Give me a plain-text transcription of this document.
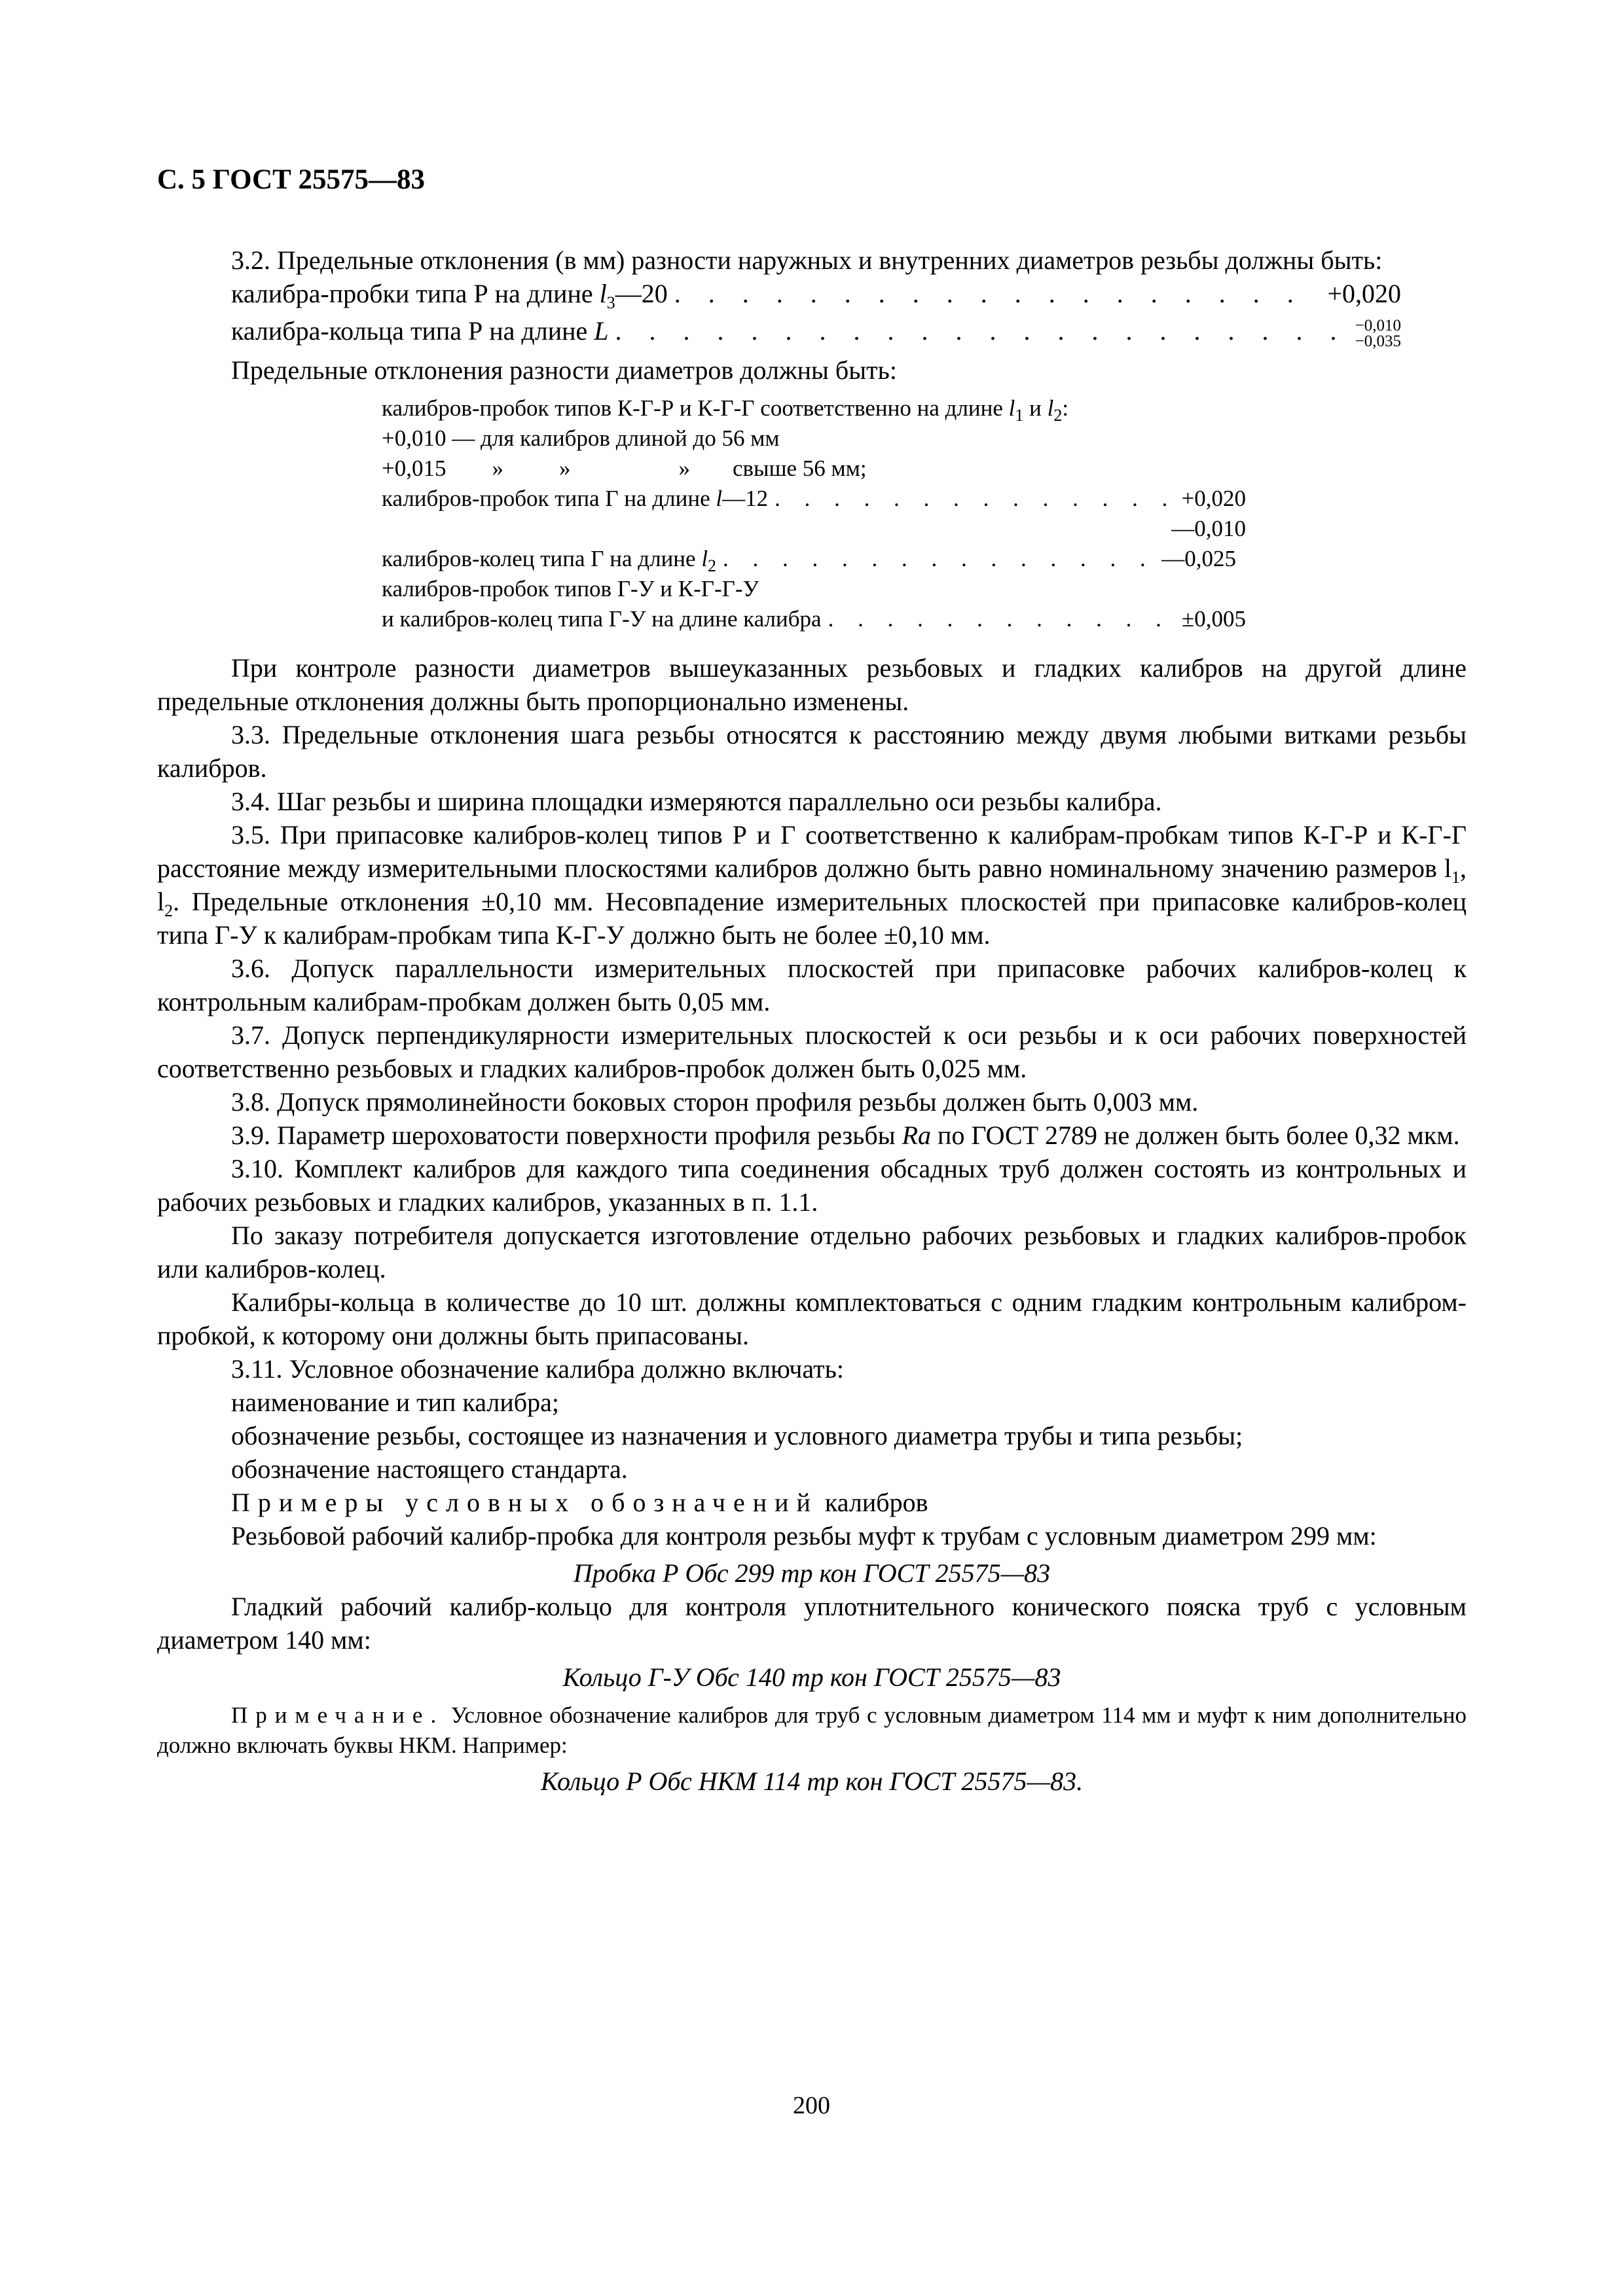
С. 5 ГОСТ 25575—83

3.2. Предельные отклонения (в мм) разности наружных и внутренних диаметров резьбы должны быть:

калибра-пробки типа Р на длине $l_3—20$ . . .	+0,020
калибра-кольца типа Р на длине L . . .	−0,010
−0,035

Предельные отклонения разности диаметров должны быть:

калибров-пробок типов К-Г-Р и К-Г-Г соответственно на длине $l_1$ и $l_2$:

+0,010 — для калибров длиной до 56 мм

+0,015 » »	» свыше 56 мм;

калибров-пробок типа Г на длине l—12 . . .	+0,020

—0,010

калибров-колец типа Г на длине $l_2$ . . .	—0,025

калибров-пробок типов Г-У и К-Г-Г-У

и калибров-колец типа Г-У на длине калибра . . .	±0,005

При контроле разности диаметров вышеуказанных резьбовых и гладких калибров на другой длине предельные отклонения должны быть пропорционально изменены.

3.3. Предельные отклонения шага резьбы относятся к расстоянию между двумя любыми витками резьбы калибров.

3.4. Шаг резьбы и ширина площадки измеряются параллельно оси резьбы калибра.

3.5. При припасовке калибров-колец типов Р и Г соответственно к калибрам-пробкам типов К-Г-Р и К-Г-Г расстояние между измерительными плоскостями калибров должно быть равно номинальному значению размеров $l_1$, $l_2$. Предельные отклонения ±0,10 мм. Несовпадение измерительных плоскостей при припасовке калибров-колец типа Г-У к калибрам-пробкам типа К-Г-У должно быть не более ±0,10 мм.

3.6. Допуск параллельности измерительных плоскостей при припасовке рабочих калибров-колец к контрольным калибрам-пробкам должен быть 0,05 мм.

3.7. Допуск перпендикулярности измерительных плоскостей к оси резьбы и к оси рабочих поверхностей соответственно резьбовых и гладких калибров-пробок должен быть 0,025 мм.

3.8. Допуск прямолинейности боковых сторон профиля резьбы должен быть 0,003 мм.

3.9. Параметр шероховатости поверхности профиля резьбы Ra по ГОСТ 2789 не должен быть более 0,32 мкм.

3.10. Комплект калибров для каждого типа соединения обсадных труб должен состоять из контрольных и рабочих резьбовых и гладких калибров, указанных в п. 1.1.

По заказу потребителя допускается изготовление отдельно рабочих резьбовых и гладких калибров-пробок или калибров-колец.

Калибры-кольца в количестве до 10 шт. должны комплектоваться с одним гладким контрольным калибром-пробкой, к которому они должны быть припасованы.

3.11. Условное обозначение калибра должно включать:

наименование и тип калибра;

обозначение резьбы, состоящее из назначения и условного диаметра трубы и типа резьбы;

обозначение настоящего стандарта.

Примеры условных обозначений калибров

Резьбовой рабочий калибр-пробка для контроля резьбы муфт к трубам с условным диаметром 299 мм:

Пробка Р Обс 299 тр кон ГОСТ 25575—83

Гладкий рабочий калибр-кольцо для контроля уплотнительного конического пояска труб с условным диаметром 140 мм:

Кольцо Г-У Обс 140 тр кон ГОСТ 25575—83

Примечание. Условное обозначение калибров для труб с условным диаметром 114 мм и муфт к ним дополнительно должно включать буквы НКМ. Например:

Кольцо Р Обс НКМ 114 тр кон ГОСТ 25575—83.

200
